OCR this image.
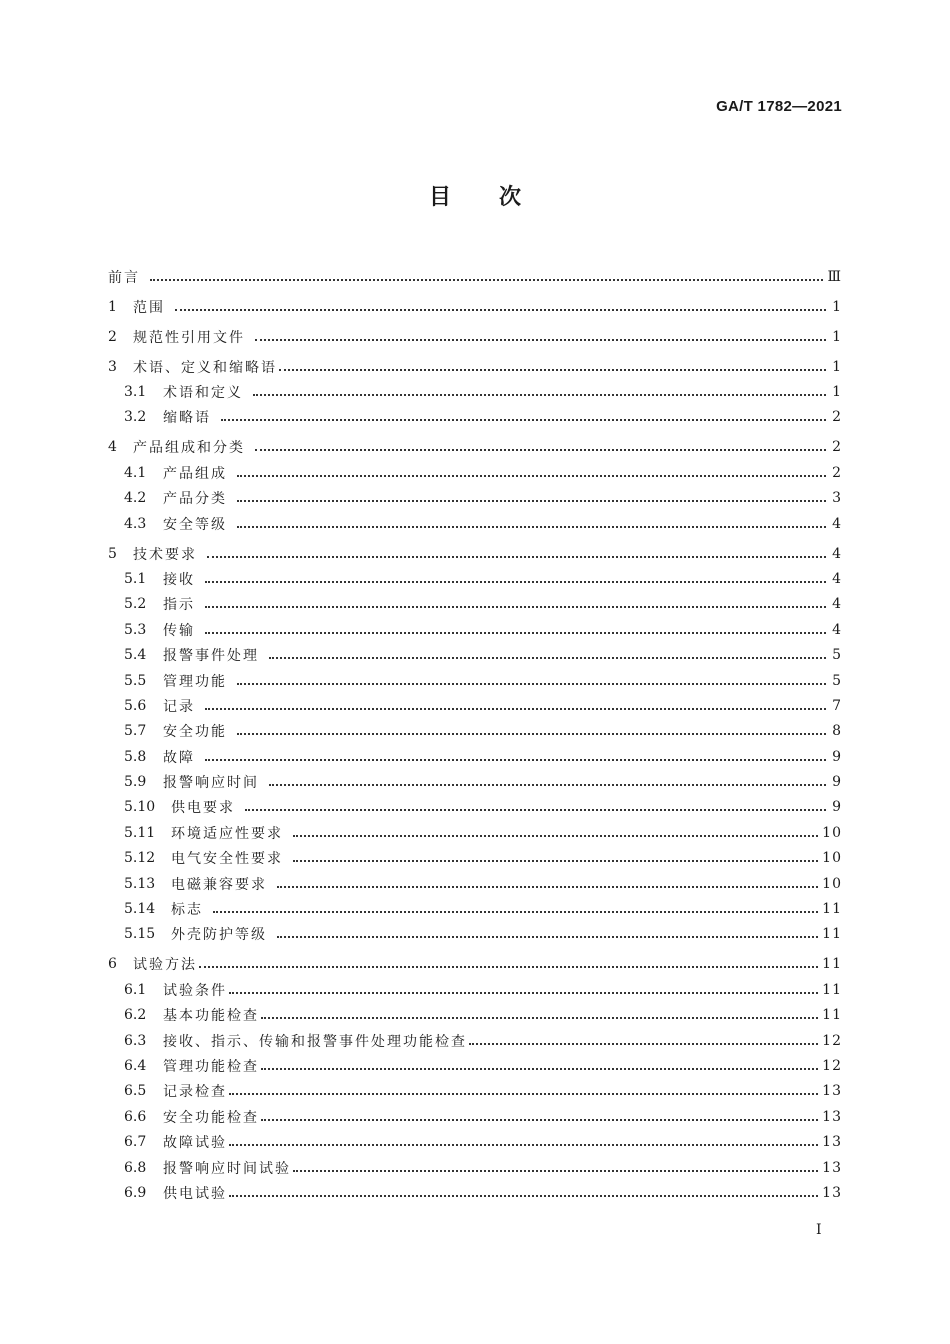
GA/T 1782—2021
目次
前言	Ⅲ
1	范围	1
2	规范性引用文件	1
3	术语、定义和缩略语	1
3.1	术语和定义	1
3.2	缩略语	2
4	产品组成和分类	2
4.1	产品组成	2
4.2	产品分类	3
4.3	安全等级	4
5	技术要求	4
5.1	接收	4
5.2	指示	4
5.3	传输	4
5.4	报警事件处理	5
5.5	管理功能	5
5.6	记录	7
5.7	安全功能	8
5.8	故障	9
5.9	报警响应时间	9
5.10	供电要求	9
5.11	环境适应性要求	10
5.12	电气安全性要求	10
5.13	电磁兼容要求	10
5.14	标志	11
5.15	外壳防护等级	11
6	试验方法	11
6.1	试验条件	11
6.2	基本功能检查	11
6.3	接收、指示、传输和报警事件处理功能检查	12
6.4	管理功能检查	12
6.5	记录检查	13
6.6	安全功能检查	13
6.7	故障试验	13
6.8	报警响应时间试验	13
6.9	供电试验	13
I
